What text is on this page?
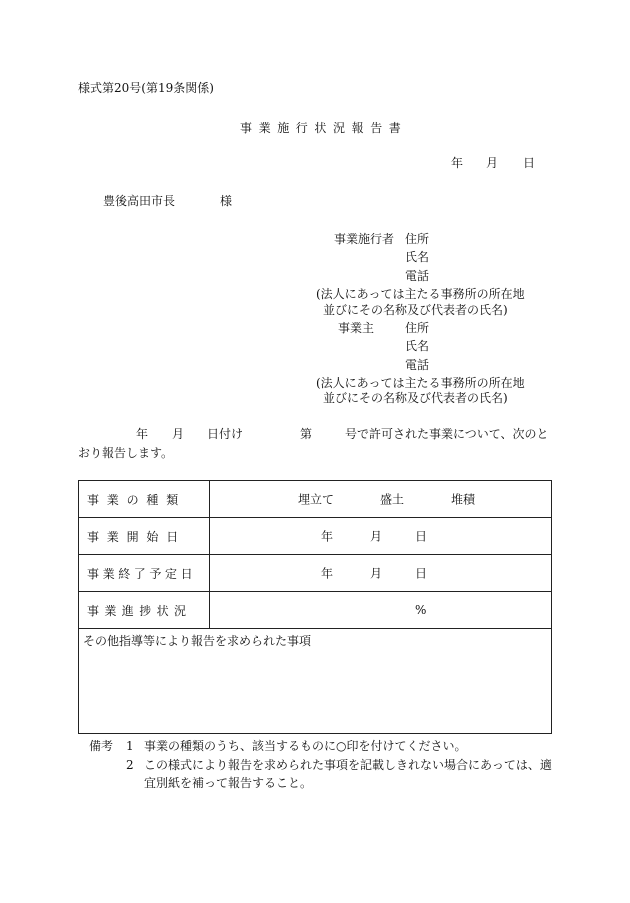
様式第20号(第19条関係)
事業施行状況報告書
年 月 日
豊後高田市長	様
事業施行者 住所
氏名
電話
(法人にあっては主たる事務所の所在地
並びにその名称及び代表者の氏名)
事業主	住所
氏名
電話
(法人にあっては主たる事務所の所在地
並びにその名称及び代表者の氏名)
年 月 日付け	第	号で許可された事業について、次のと
おり報告します。
事業の種類	埋立て 盛土 堆積

事業開始日	年 月 日

事業終了予定日	年 月 日

事業進捗状況	%

その他指導等により報告を求められた事項	
備考 1 事業の種類のうち、該当するものに○印を付けてください。
2 この様式により報告を求められた事項を記載しきれない場合にあっては、適
宜別紙を補って報告すること。
